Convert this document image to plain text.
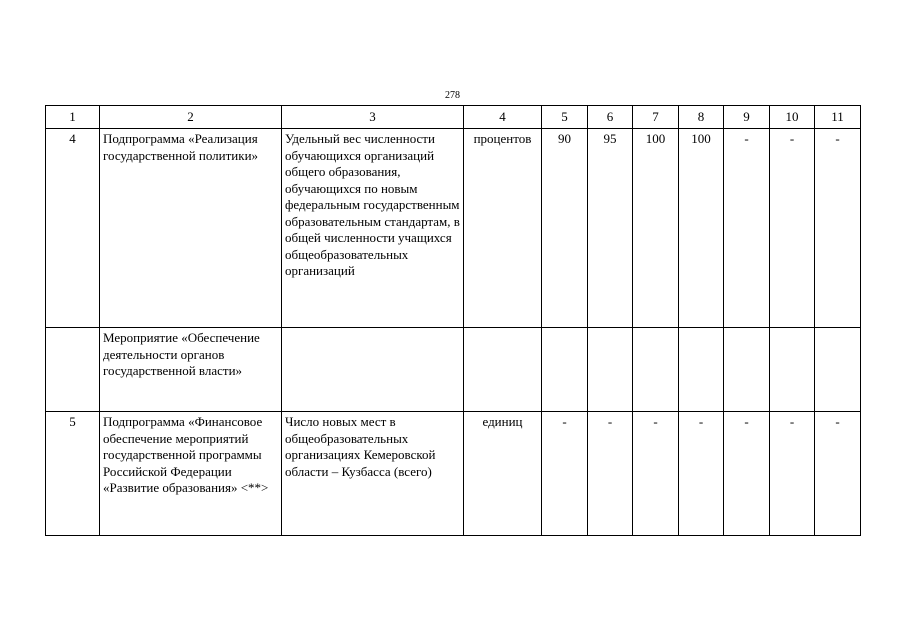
278
1	2	3	4	5	6	7	8	9	10	11
4	Подпрограмма «Реализация государственной политики»	Удельный вес численности обучающихся организаций общего образования, обучающихся по новым федеральным государственным образовательным стандартам, в общей численности учащихся общеобразовательных организаций	процентов	90	95	100	100	-	-	-
	Мероприятие «Обеспечение деятельности органов государственной власти»									
5	Подпрограмма «Финансовое обеспечение мероприятий государственной программы Российской Федерации «Развитие образования» <**>	Число новых мест в общеобразовательных организациях Кемеровской области – Кузбасса (всего)	единиц	-	-	-	-	-	-	-
